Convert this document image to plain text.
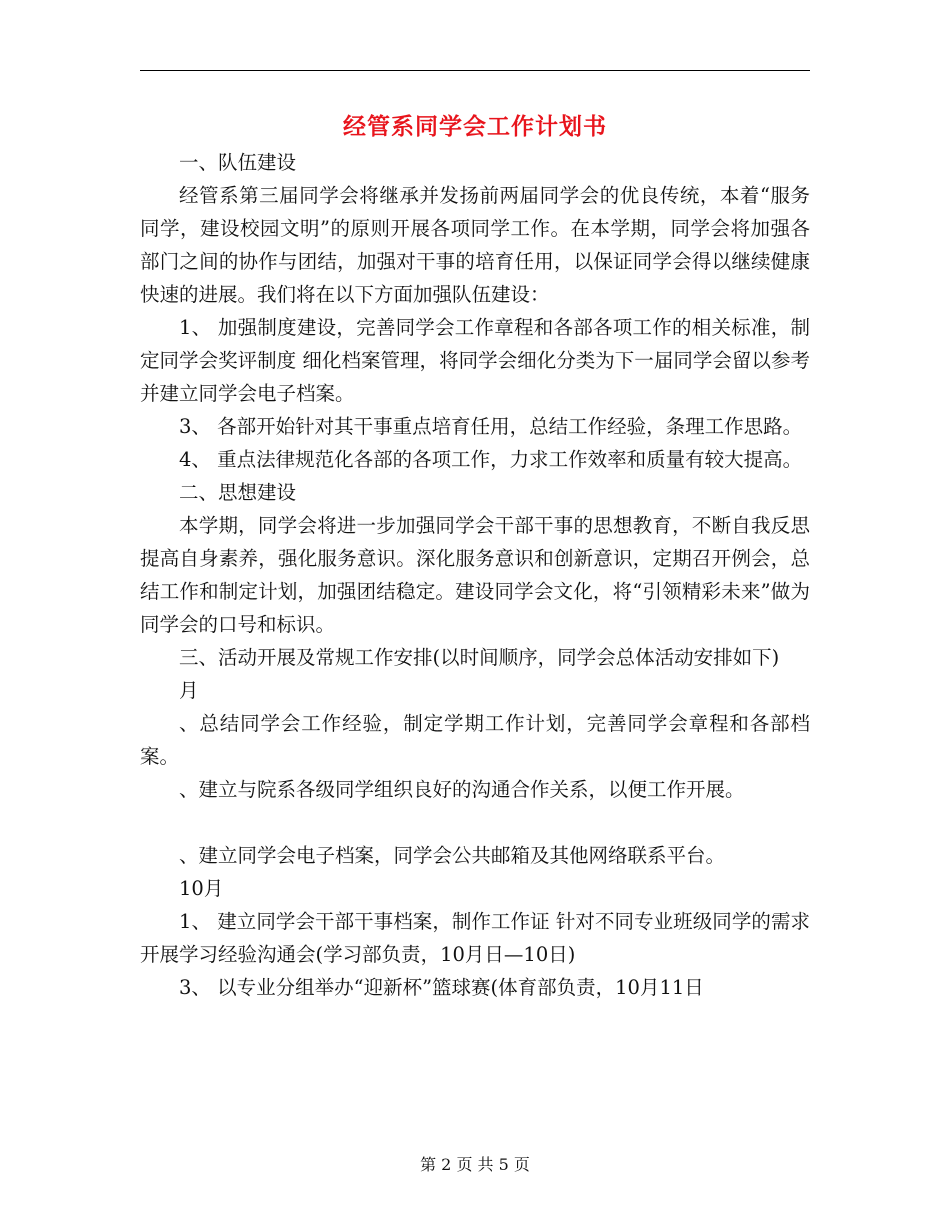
经管系同学会工作计划书

一、队伍建设

经管系第三届同学会将继承并发扬前两届同学会的优良传统，本着“服务同学，建设校园文明”的原则开展各项同学工作。在本学期，同学会将加强各部门之间的协作与团结，加强对干事的培育任用，以保证同学会得以继续健康快速的进展。我们将在以下方面加强队伍建设：

1、 加强制度建设，完善同学会工作章程和各部各项工作的相关标准，制定同学会奖评制度 细化档案管理，将同学会细化分类为下一届同学会留以参考并建立同学会电子档案。

3、 各部开始针对其干事重点培育任用，总结工作经验，条理工作思路。

4、 重点法律规范化各部的各项工作，力求工作效率和质量有较大提高。

二、思想建设

本学期，同学会将进一步加强同学会干部干事的思想教育，不断自我反思提高自身素养，强化服务意识。深化服务意识和创新意识，定期召开例会，总结工作和制定计划，加强团结稳定。建设同学会文化，将“引领精彩未来”做为同学会的口号和标识。

三、活动开展及常规工作安排(以时间顺序，同学会总体活动安排如下)

月

、总结同学会工作经验，制定学期工作计划，完善同学会章程和各部档案。

、建立与院系各级同学组织良好的沟通合作关系，以便工作开展。

、建立同学会电子档案，同学会公共邮箱及其他网络联系平台。

10月

1、 建立同学会干部干事档案，制作工作证 针对不同专业班级同学的需求开展学习经验沟通会(学习部负责，10月日—10日)

3、 以专业分组举办“迎新杯”篮球赛(体育部负责，10月11日

第 2 页 共 5 页
